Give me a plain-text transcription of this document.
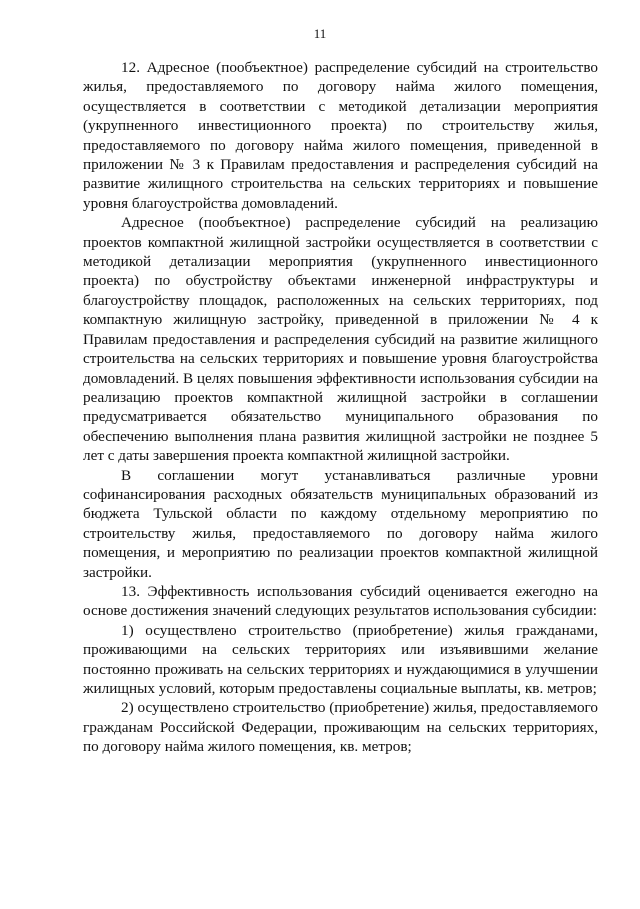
11

12. Адресное (пообъектное) распределение субсидий на строительство жилья, предоставляемого по договору найма жилого помещения, осуществляется в соответствии с методикой детализации мероприятия (укрупненного инвестиционного проекта) по строительству жилья, предоставляемого по договору найма жилого помещения, приведенной в приложении № 3 к Правилам предоставления и распределения субсидий на развитие жилищного строительства на сельских территориях и повышение уровня благоустройства домовладений.

Адресное (пообъектное) распределение субсидий на реализацию проектов компактной жилищной застройки осуществляется в соответствии с методикой детализации мероприятия (укрупненного инвестиционного проекта) по обустройству объектами инженерной инфраструктуры и благоустройству площадок, расположенных на сельских территориях, под компактную жилищную застройку, приведенной в приложении № 4 к Правилам предоставления и распределения субсидий на развитие жилищного строительства на сельских территориях и повышение уровня благоустройства домовладений. В целях повышения эффективности использования субсидии на реализацию проектов компактной жилищной застройки в соглашении предусматривается обязательство муниципального образования по обеспечению выполнения плана развития жилищной застройки не позднее 5 лет с даты завершения проекта компактной жилищной застройки.

В соглашении могут устанавливаться различные уровни софинансирования расходных обязательств муниципальных образований из бюджета Тульской области по каждому отдельному мероприятию по строительству жилья, предоставляемого по договору найма жилого помещения, и мероприятию по реализации проектов компактной жилищной застройки.

13. Эффективность использования субсидий оценивается ежегодно на основе достижения значений следующих результатов использования субсидии:

1) осуществлено строительство (приобретение) жилья гражданами, проживающими на сельских территориях или изъявившими желание постоянно проживать на сельских территориях и нуждающимися в улучшении жилищных условий, которым предоставлены социальные выплаты, кв. метров;

2) осуществлено строительство (приобретение) жилья, предоставляемого гражданам Российской Федерации, проживающим на сельских территориях, по договору найма жилого помещения, кв. метров;
